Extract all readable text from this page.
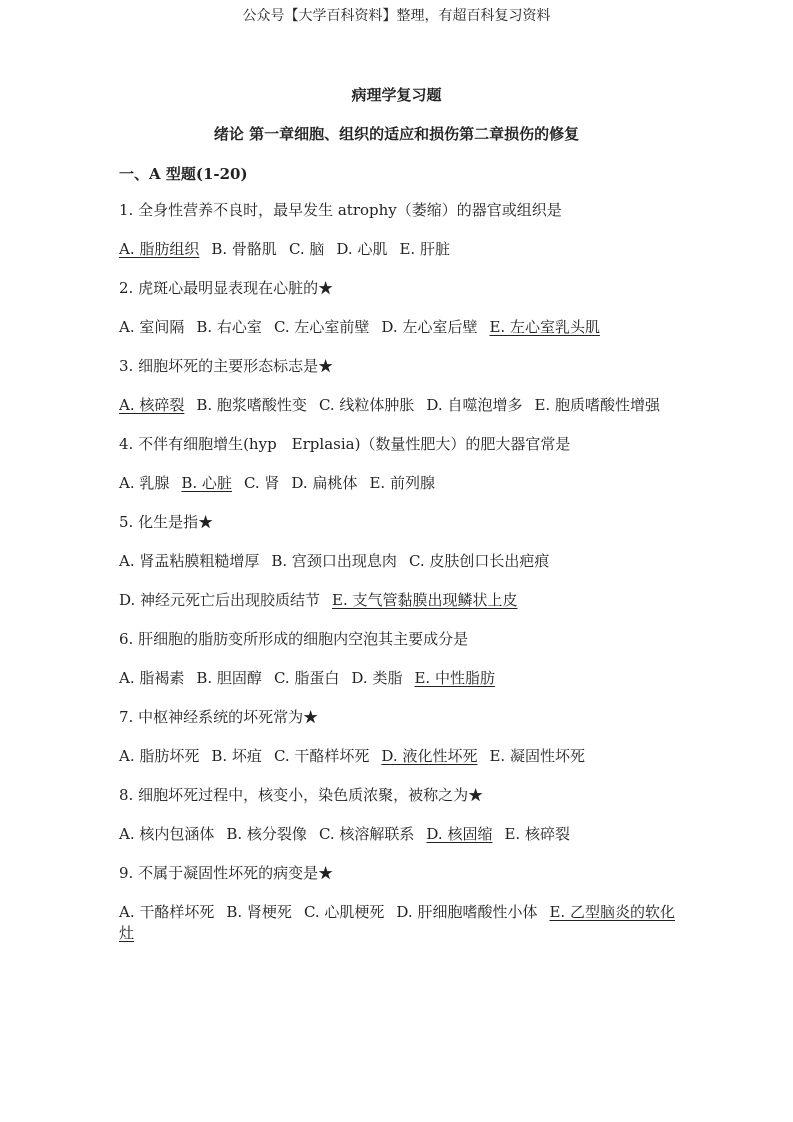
公众号【大学百科资料】整理，有超百科复习资料
病理学复习题
绪论 第一章细胞、组织的适应和损伤第二章损伤的修复
一、A 型题(1-20)

1. 全身性营养不良时，最早发生 atrophy（萎缩）的器官或组织是

A. 脂肪组织 B. 骨骼肌 C. 脑 D. 心肌 E. 肝脏

2. 虎斑心最明显表现在心脏的★

A. 室间隔 B. 右心室 C. 左心室前壁 D. 左心室后壁 E. 左心室乳头肌

3. 细胞坏死的主要形态标志是★

A. 核碎裂 B. 胞浆嗜酸性变 C. 线粒体肿胀 D. 自噬泡增多 E. 胞质嗜酸性增强

4. 不伴有细胞增生(hyp　Erplasia)（数量性肥大）的肥大器官常是

A. 乳腺 B. 心脏 C. 肾 D. 扁桃体 E. 前列腺

5. 化生是指★

A. 肾盂粘膜粗糙增厚 B. 宫颈口出现息肉 C. 皮肤创口长出疤痕

D. 神经元死亡后出现胶质结节 E. 支气管黏膜出现鳞状上皮

6. 肝细胞的脂肪变所形成的细胞内空泡其主要成分是

A. 脂褐素 B. 胆固醇 C. 脂蛋白 D. 类脂 E. 中性脂肪

7. 中枢神经系统的坏死常为★

A. 脂肪坏死 B. 坏疽 C. 干酪样坏死 D. 液化性坏死 E. 凝固性坏死

8. 细胞坏死过程中，核变小，染色质浓聚，被称之为★

A. 核内包涵体 B. 核分裂像 C. 核溶解联系 D. 核固缩 E. 核碎裂

9. 不属于凝固性坏死的病变是★

A. 干酪样坏死 B. 肾梗死 C. 心肌梗死 D. 肝细胞嗜酸性小体 E. 乙型脑炎的软化灶
